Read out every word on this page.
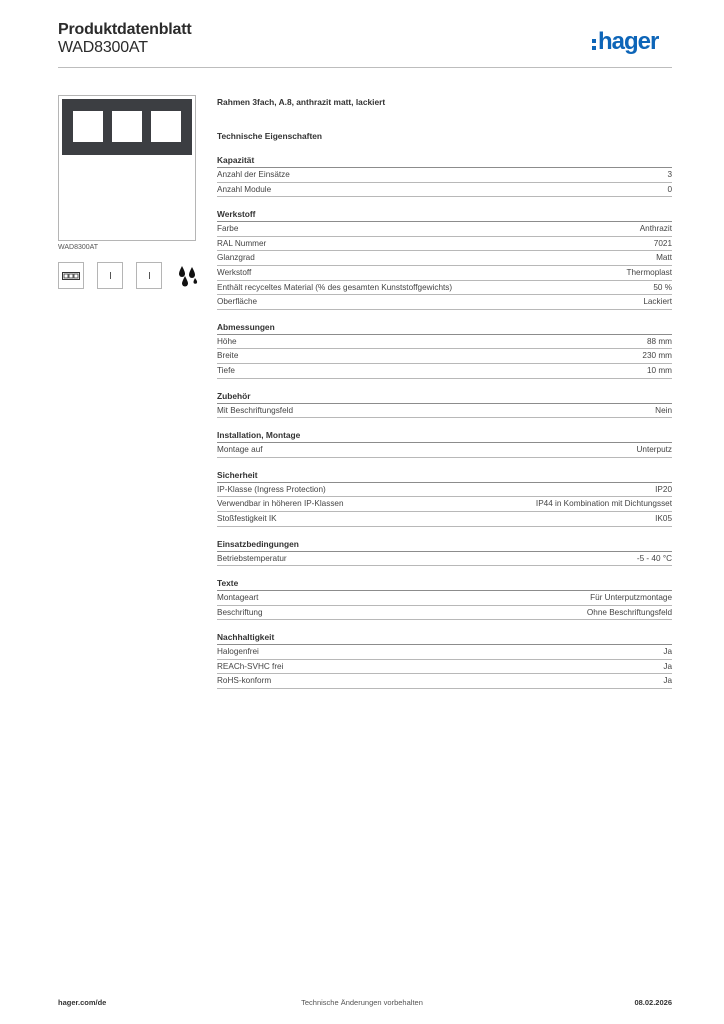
Produktdatenblatt
WAD8300AT	hager
WAD8300AT
Rahmen 3fach, A.8, anthrazit matt, lackiert
Technische Eigenschaften
Kapazität
Anzahl der Einsätze	3
Anzahl Module	0
Werkstoff
Farbe	Anthrazit
RAL Nummer	7021
Glanzgrad	Matt
Werkstoff	Thermoplast
Enthält recyceltes Material (% des gesamten Kunststoffgewichts)	50 %
Oberfläche	Lackiert
Abmessungen
Höhe	88 mm
Breite	230 mm
Tiefe	10 mm
Zubehör
Mit Beschriftungsfeld	Nein
Installation, Montage
Montage auf	Unterputz
Sicherheit
IP-Klasse (Ingress Protection)	IP20
Verwendbar in höheren IP-Klassen	IP44 in Kombination mit Dichtungsset
Stoßfestigkeit IK	IK05
Einsatzbedingungen
Betriebstemperatur	-5 - 40 °C
Texte
Montageart	Für Unterputzmontage
Beschriftung	Ohne Beschriftungsfeld
Nachhaltigkeit
Halogenfrei	Ja
REACh-SVHC frei	Ja
RoHS-konform	Ja
hager.com/de	Technische Änderungen vorbehalten	08.02.2026
